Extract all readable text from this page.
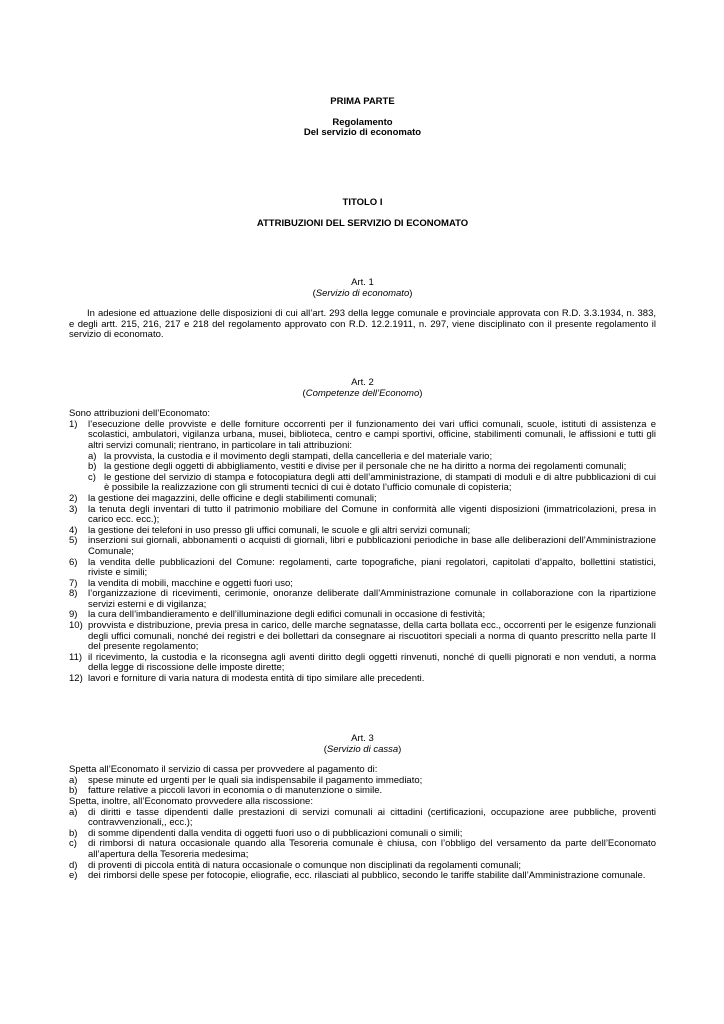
PRIMA PARTE

Regolamento

Del servizio di economato

TITOLO I

ATTRIBUZIONI DEL SERVIZIO DI ECONOMATO

Art. 1

(Servizio di economato)

In adesione ed attuazione delle disposizioni di cui all’art. 293 della legge comunale e provinciale approvata con R.D. 3.3.1934, n. 383, e degli artt. 215, 216, 217 e 218 del regolamento approvato con R.D. 12.2.1911, n. 297, viene disciplinato con il presente regolamento il servizio di economato.

Art. 2

(Competenze dell’Economo)

Sono attribuzioni dell’Economato:

1)	l’esecuzione delle provviste e delle forniture occorrenti per il funzionamento dei vari uffici comunali, scuole, istituti di assistenza e scolastici, ambulatori, vigilanza urbana, musei, biblioteca, centro e campi sportivi, officine, stabilimenti comunali, le affissioni e tutti gli altri servizi comunali; rientrano, in particolare in tali attribuzioni:
a) la provvista, la custodia e il movimento degli stampati, della cancelleria e del materiale vario;
b) la gestione degli oggetti di abbigliamento, vestiti e divise per il personale che ne ha diritto a norma dei regolamenti comunali;
c) le gestione del servizio di stampa e fotocopiatura degli atti dell’amministrazione, di stampati di moduli e di altre pubblicazioni di cui è possibile la realizzazione con gli strumenti tecnici di cui è dotato l’ufficio comunale di copisteria;
2)	la gestione dei magazzini, delle officine e degli stabilimenti comunali;
3)	la tenuta degli inventari di tutto il patrimonio mobiliare del Comune in conformità alle vigenti disposizioni (immatricolazioni, presa in carico ecc. ecc.);
4)	la gestione dei telefoni in uso presso gli uffici comunali, le scuole e gli altri servizi comunali;
5)	inserzioni sui giornali, abbonamenti o acquisti di giornali, libri e pubblicazioni periodiche in base alle deliberazioni dell’Amministrazione Comunale;
6)	la vendita delle pubblicazioni del Comune: regolamenti, carte topografiche, piani regolatori, capitolati d’appalto, bollettini statistici, riviste e simili;
7)	la vendita di mobili, macchine e oggetti fuori uso;
8)	l’organizzazione di ricevimenti, cerimonie, onoranze deliberate dall’Amministrazione comunale in collaborazione con la ripartizione servizi esterni e di vigilanza;
9)	la cura dell’imbandieramento e dell’illuminazione degli edifici comunali in occasione di festività;
10) provvista e distribuzione, previa presa in carico, delle marche segnatasse, della carta bollata ecc., occorrenti per le esigenze funzionali degli uffici comunali, nonché dei registri e dei bollettari da consegnare ai riscuotitori speciali a norma di quanto prescritto nella parte II del presente regolamento;
11) il ricevimento, la custodia e la riconsegna agli aventi diritto degli oggetti rinvenuti, nonché di quelli pignorati e non venduti, a norma della legge di riscossione delle imposte dirette;
12) lavori e forniture di varia natura di modesta entità di tipo similare alle precedenti.

Art. 3

(Servizio di cassa)

Spetta all’Economato il servizio di cassa per provvedere al pagamento di:

a)	spese minute ed urgenti per le quali sia indispensabile il pagamento immediato;
b)	fatture relative a piccoli lavori in economia o di manutenzione o simile.

Spetta, inoltre, all’Economato provvedere alla riscossione:

a)	di diritti e tasse dipendenti dalle prestazioni di servizi comunali ai cittadini (certificazioni, occupazione aree pubbliche, proventi contravvenzionali,, ecc.);
b)	di somme dipendenti dalla vendita di oggetti fuori uso o di pubblicazioni comunali o simili;
c)	di rimborsi di natura occasionale quando alla Tesoreria comunale è chiusa, con l’obbligo del versamento da parte dell’Economato all’apertura della Tesoreria medesima;
d)	di proventi di piccola entità di natura occasionale o comunque non disciplinati da regolamenti comunali;
e)	dei rimborsi delle spese per fotocopie, eliografie, ecc. rilasciati al pubblico, secondo le tariffe stabilite dall’Amministrazione comunale.
